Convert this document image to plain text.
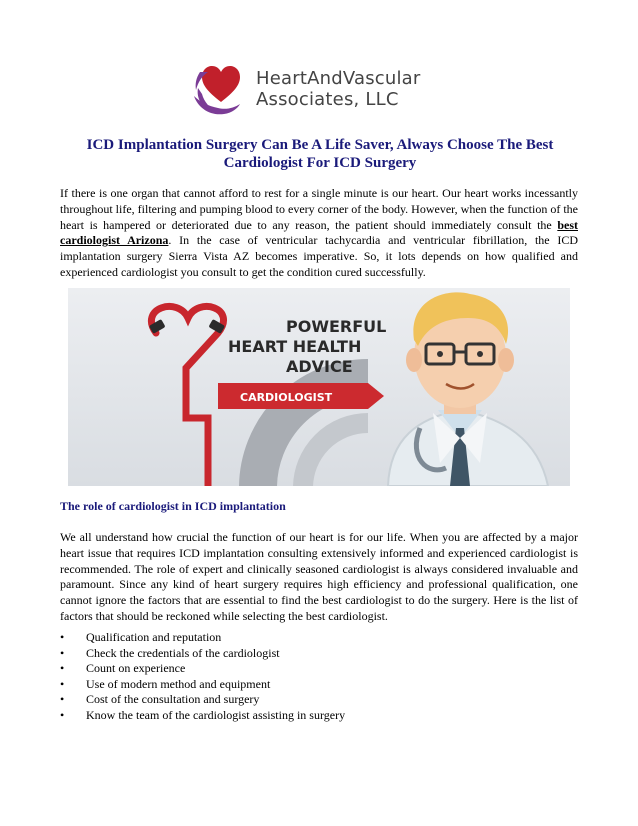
HeartAndVascular
Associates, LLC
ICD Implantation Surgery Can Be A Life Saver, Always Choose The Best Cardiologist For ICD Surgery

If there is one organ that cannot afford to rest for a single minute is our heart. Our heart works incessantly throughout life, filtering and pumping blood to every corner of the body. However, when the function of the heart is hampered or deteriorated due to any reason, the patient should immediately consult the best cardiologist Arizona. In the case of ventricular tachycardia and ventricular fibrillation, the ICD implantation surgery Sierra Vista AZ becomes imperative. So, it lots depends on how qualified and experienced cardiologist you consult to get the condition cured successfully.

POWERFUL
HEART HEALTH
ADVICE
CARDIOLOGIST
The role of cardiologist in ICD implantation

We all understand how crucial the function of our heart is for our life. When you are affected by a major heart issue that requires ICD implantation consulting extensively informed and experienced cardiologist is recommended. The role of expert and clinically seasoned cardiologist is always considered invaluable and paramount. Since any kind of heart surgery requires high efficiency and professional qualification, one cannot ignore the factors that are essential to find the best cardiologist to do the surgery. Here is the list of factors that should be reckoned while selecting the best cardiologist.

• Qualification and reputation
• Check the credentials of the cardiologist
• Count on experience
• Use of modern method and equipment
• Cost of the consultation and surgery
• Know the team of the cardiologist assisting in surgery
